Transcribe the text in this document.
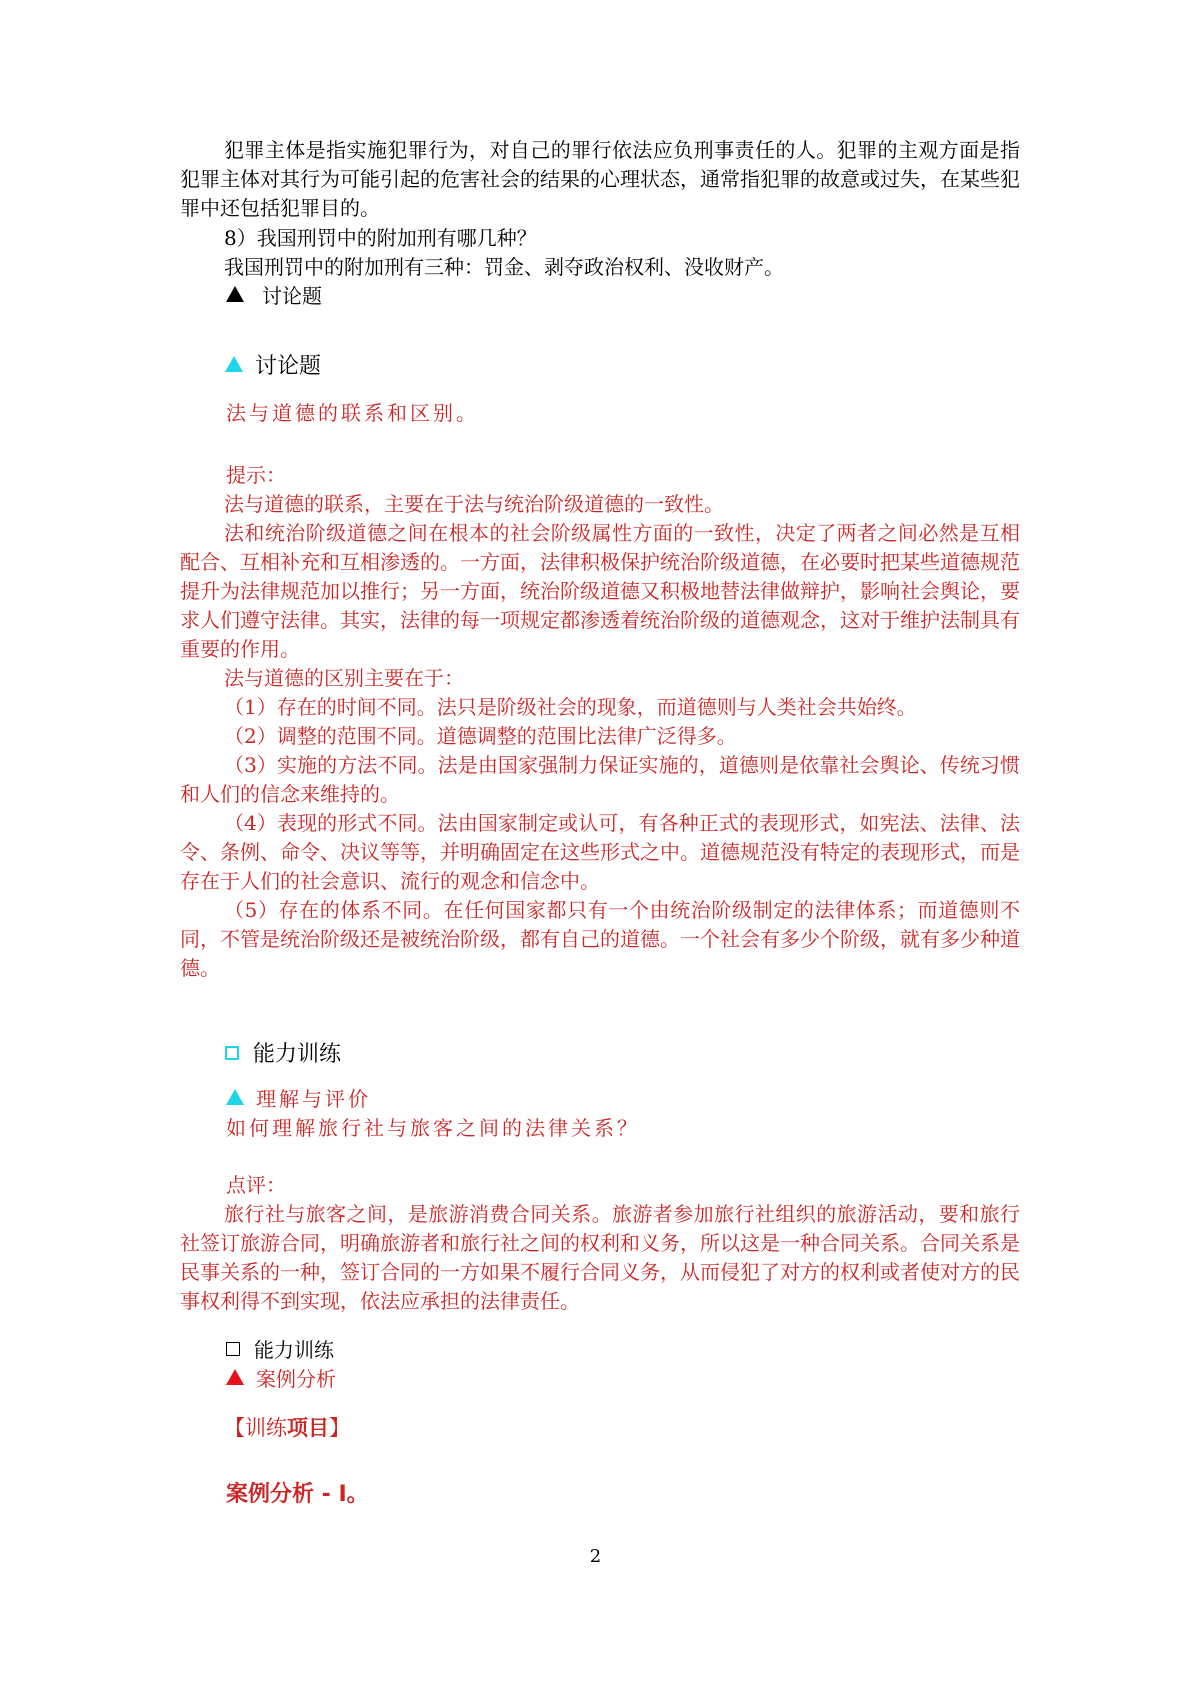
犯罪主体是指实施犯罪行为，对自己的罪行依法应负刑事责任的人。犯罪的主观方面是指犯罪主体对其行为可能引起的危害社会的结果的心理状态，通常指犯罪的故意或过失，在某些犯罪中还包括犯罪目的。
8）我国刑罚中的附加刑有哪几种？
我国刑罚中的附加刑有三种：罚金、剥夺政治权利、没收财产。
讨论题
讨论题
法与道德的联系和区别。
提示：
法与道德的联系，主要在于法与统治阶级道德的一致性。
法和统治阶级道德之间在根本的社会阶级属性方面的一致性，决定了两者之间必然是互相配合、互相补充和互相渗透的。一方面，法律积极保护统治阶级道德，在必要时把某些道德规范提升为法律规范加以推行；另一方面，统治阶级道德又积极地替法律做辩护，影响社会舆论，要求人们遵守法律。其实，法律的每一项规定都渗透着统治阶级的道德观念，这对于维护法制具有重要的作用。
法与道德的区别主要在于：
（1）存在的时间不同。法只是阶级社会的现象，而道德则与人类社会共始终。
（2）调整的范围不同。道德调整的范围比法律广泛得多。
（3）实施的方法不同。法是由国家强制力保证实施的，道德则是依靠社会舆论、传统习惯和人们的信念来维持的。
（4）表现的形式不同。法由国家制定或认可，有各种正式的表现形式，如宪法、法律、法令、条例、命令、决议等等，并明确固定在这些形式之中。道德规范没有特定的表现形式，而是存在于人们的社会意识、流行的观念和信念中。
（5）存在的体系不同。在任何国家都只有一个由统治阶级制定的法律体系；而道德则不同，不管是统治阶级还是被统治阶级，都有自己的道德。一个社会有多少个阶级，就有多少种道德。
能力训练
理解与评价
如何理解旅行社与旅客之间的法律关系？
点评：
旅行社与旅客之间，是旅游消费合同关系。旅游者参加旅行社组织的旅游活动，要和旅行社签订旅游合同，明确旅游者和旅行社之间的权利和义务，所以这是一种合同关系。合同关系是民事关系的一种，签订合同的一方如果不履行合同义务，从而侵犯了对方的权利或者使对方的民事权利得不到实现，依法应承担的法律责任。
能力训练
案例分析
【训练项目】
案例分析 - I。
2
